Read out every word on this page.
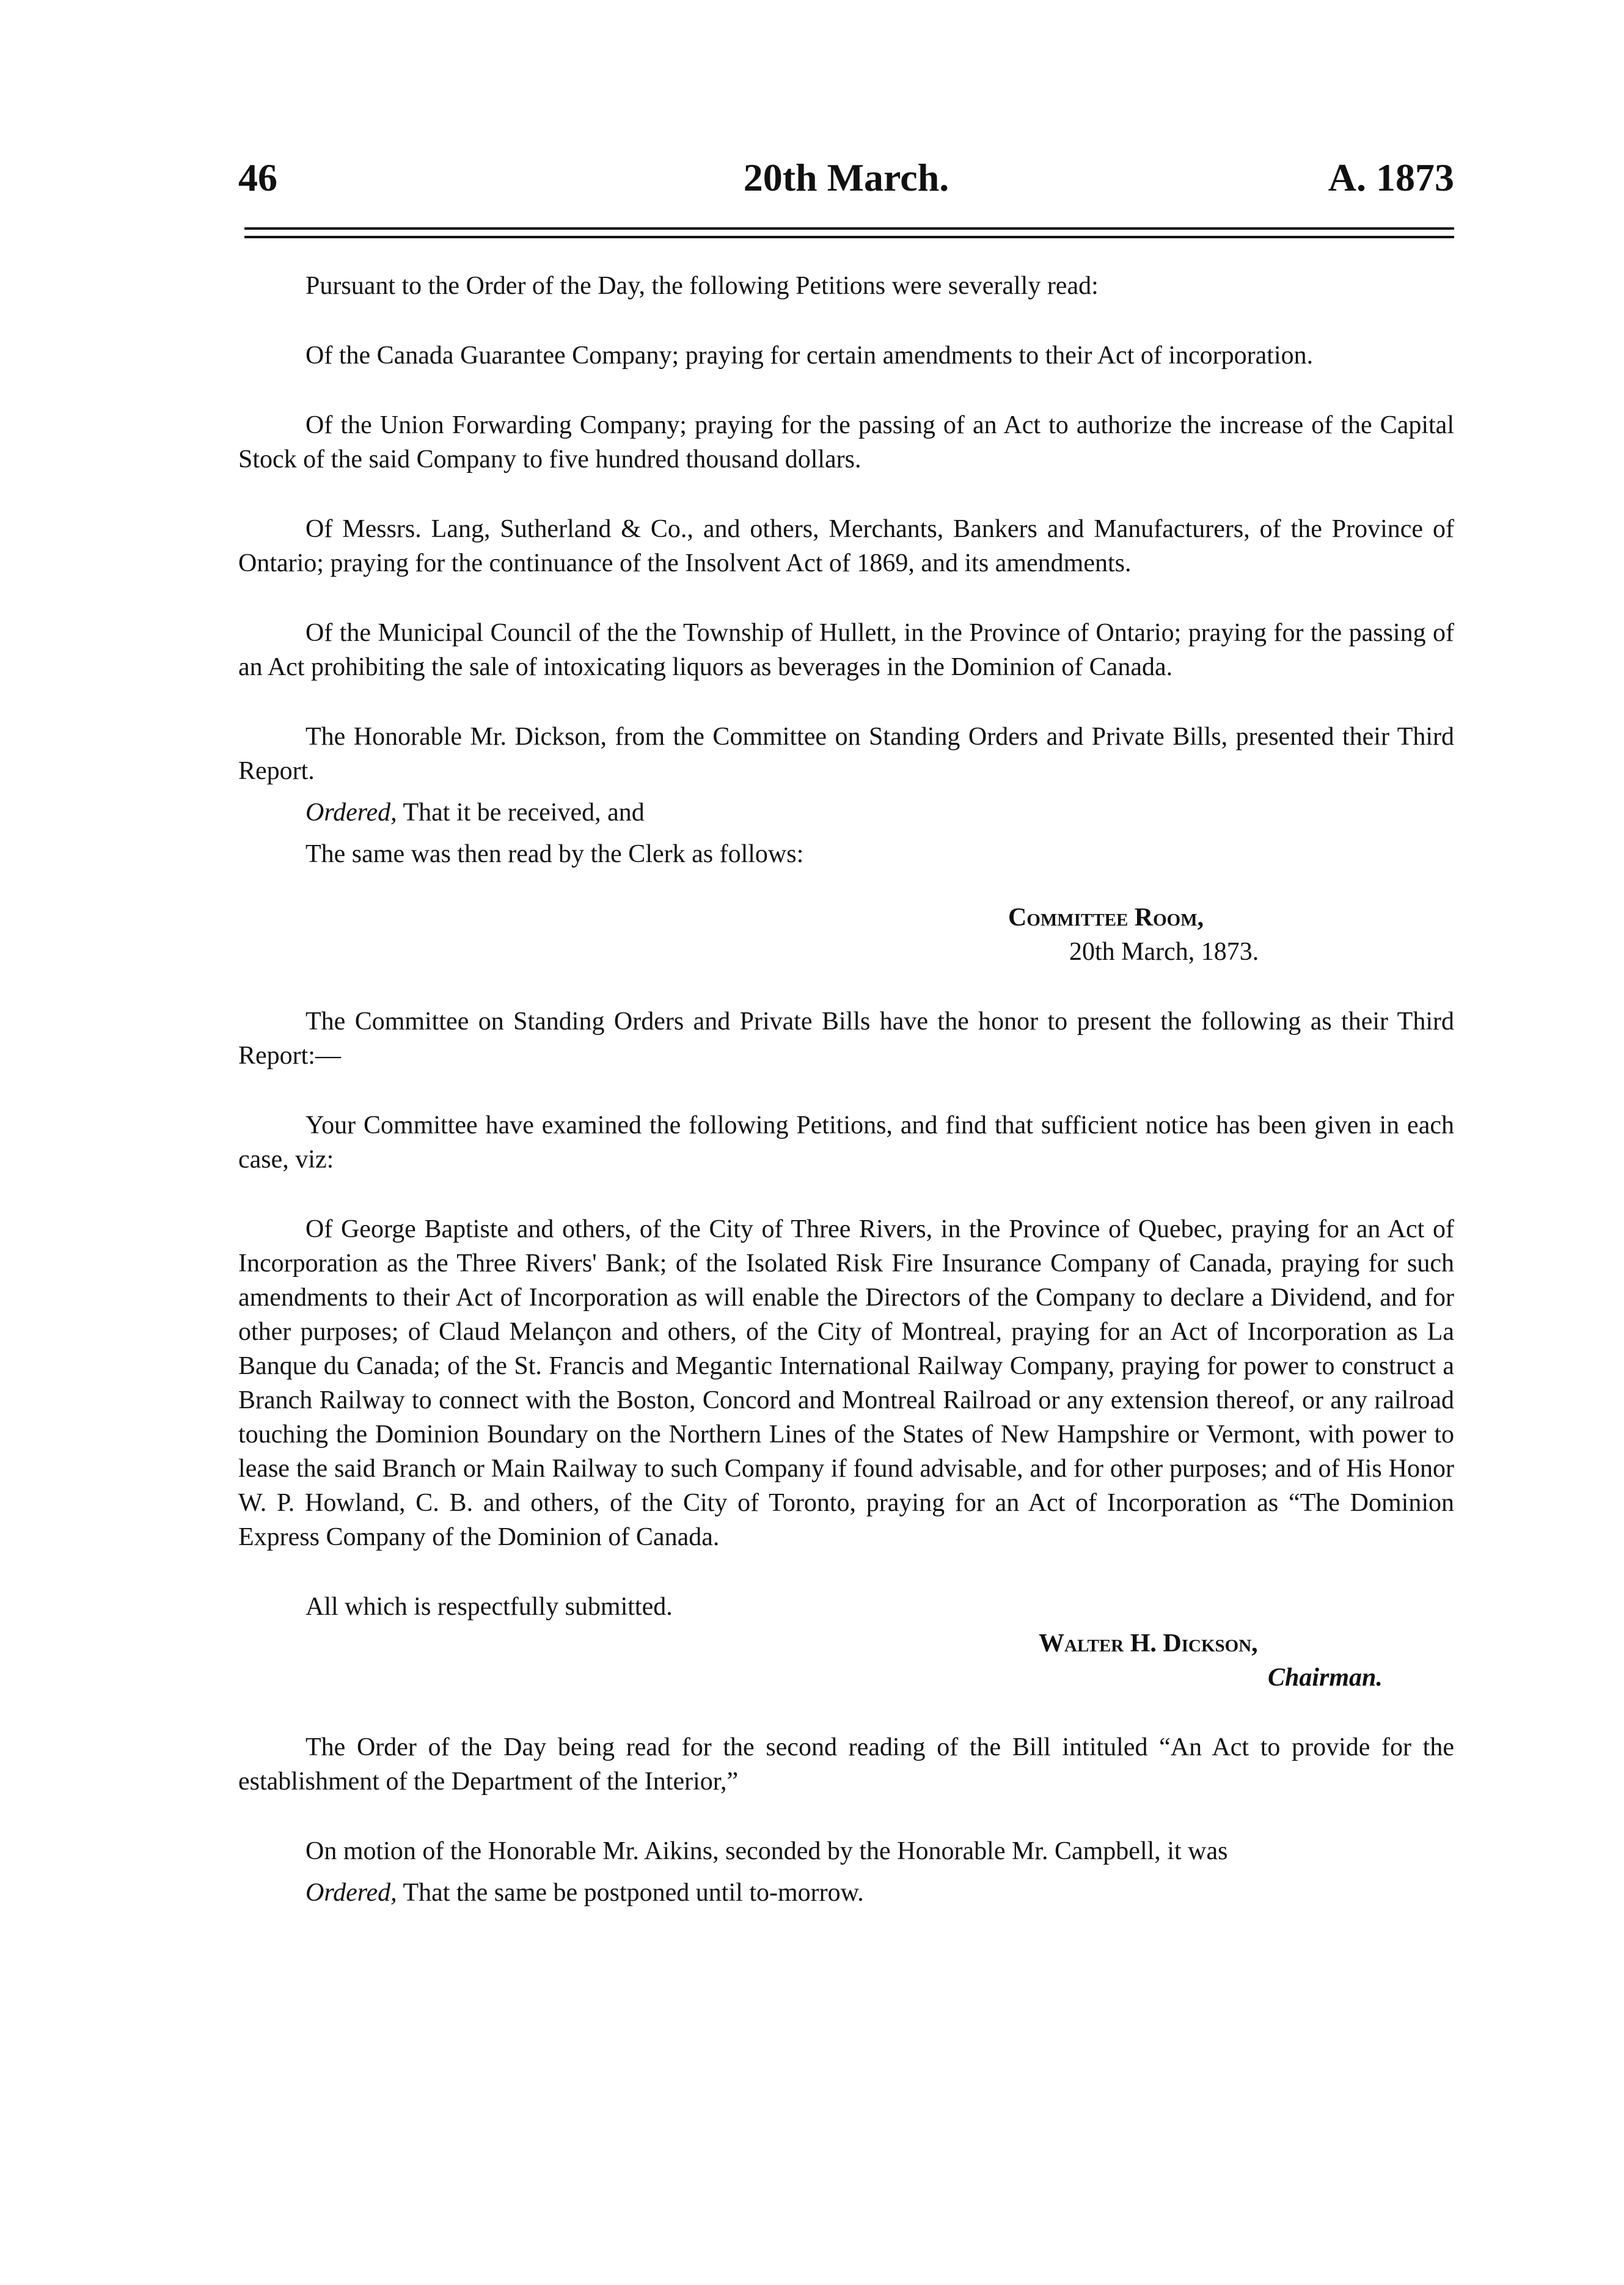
46	20th March.	A. 1873

Pursuant to the Order of the Day, the following Petitions were severally read:

Of the Canada Guarantee Company; praying for certain amendments to their Act of incorporation.

Of the Union Forwarding Company; praying for the passing of an Act to authorize the increase of the Capital Stock of the said Company to five hundred thousand dollars.

Of Messrs. Lang, Sutherland & Co., and others, Merchants, Bankers and Manufacturers, of the Province of Ontario; praying for the continuance of the Insolvent Act of 1869, and its amendments.

Of the Municipal Council of the the Township of Hullett, in the Province of Ontario; praying for the passing of an Act prohibiting the sale of intoxicating liquors as beverages in the Dominion of Canada.

The Honorable Mr. Dickson, from the Committee on Standing Orders and Private Bills, presented their Third Report.

Ordered, That it be received, and

The same was then read by the Clerk as follows:

Committee Room,
20th March, 1873.

The Committee on Standing Orders and Private Bills have the honor to present the following as their Third Report:—

Your Committee have examined the following Petitions, and find that sufficient notice has been given in each case, viz:

Of George Baptiste and others, of the City of Three Rivers, in the Province of Quebec, praying for an Act of Incorporation as the Three Rivers' Bank; of the Isolated Risk Fire Insurance Company of Canada, praying for such amendments to their Act of Incorporation as will enable the Directors of the Company to declare a Dividend, and for other purposes; of Claud Melançon and others, of the City of Montreal, praying for an Act of Incorporation as La Banque du Canada; of the St. Francis and Megantic International Railway Company, praying for power to construct a Branch Railway to connect with the Boston, Concord and Montreal Railroad or any extension thereof, or any railroad touching the Dominion Boundary on the Northern Lines of the States of New Hampshire or Vermont, with power to lease the said Branch or Main Railway to such Company if found advisable, and for other purposes; and of His Honor W. P. Howland, C. B. and others, of the City of Toronto, praying for an Act of Incorporation as “The Dominion Express Company of the Dominion of Canada.

All which is respectfully submitted.

Walter H. Dickson,
Chairman.

The Order of the Day being read for the second reading of the Bill intituled “An Act to provide for the establishment of the Department of the Interior,”

On motion of the Honorable Mr. Aikins, seconded by the Honorable Mr. Campbell, it was

Ordered, That the same be postponed until to-morrow.
